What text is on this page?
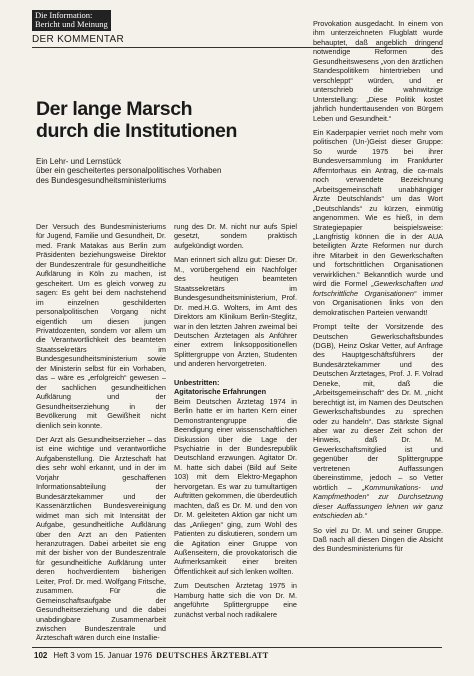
Die Information:
Bericht und Meinung
DER KOMMENTAR
Der lange Marsch
durch die Institutionen
Ein Lehr- und Lernstück
über ein gescheitertes personalpolitisches Vorhaben
des Bundesgesundheitsministeriums

Der Versuch des Bundesministeriums für Jugend, Familie und Gesundheit, Dr. med. Frank Matakas aus Berlin zum Präsidenten beziehungsweise Direktor der Bundeszentrale für gesundheitliche Aufklärung in Köln zu machen, ist gescheitert. Um es gleich vorweg zu sagen: Es geht bei dem nachstehend im einzelnen geschilderten personalpolitischen Vorgang nicht eigentlich um diesen jungen Privatdozenten, sondern vor allem um die Verantwortlichkeit des beamteten Staatssekretärs im Bundesgesundheitsministerium sowie der Ministerin selbst für ein Vorhaben, das – wäre es „erfolgreich“ gewesen – der sachlichen gesundheitlichen Aufklärung und der Gesundheitserziehung in der Bevölkerung mit Gewißheit nicht dienlich sein konnte.

Der Arzt als Gesundheitserzieher – das ist eine wichtige und verantwortliche Aufgabenstellung. Die Ärzteschaft hat dies sehr wohl erkannt, und in der im Vorjahr geschaffenen Informationsabteilung der Bundesärztekammer und der Kassenärztlichen Bundesvereinigung widmet man sich mit Intensität der Aufgabe, gesundheitliche Aufklärung über den Arzt an den Patienten heranzutragen. Dabei arbeitet sie eng mit der bisher von der Bundeszentrale für gesundheitliche Aufklärung unter deren hochverdientem bisherigen Leiter, Prof. Dr. med. Wolfgang Fritsche, zusammen. Für die Gemeinschaftsaufgabe der Gesundheitserziehung und die dabei unabdingbare Zusammenarbeit zwischen Bundeszentrale und Ärzteschaft wären durch eine Installie-

rung des Dr. M. nicht nur aufs Spiel gesetzt, sondern praktisch aufgekündigt worden.

Man erinnert sich allzu gut: Dieser Dr. M., vorübergehend ein Nachfolger des heutigen beamteten Staatssekretärs im Bundesgesundheitsministerium, Prof. Dr. med.H.G. Wolters, im Amt des Direktors am Klinikum Berlin-Steglitz, war in den letzten Jahren zweimal bei Deutschen Ärztetagen als Anführer einer extrem linksoppositionellen Splittergruppe von Ärzten, Studenten und anderen hervorgetreten.

Unbestritten:
Agitatorische Erfahrungen

Beim Deutschen Ärztetag 1974 in Berlin hatte er im harten Kern einer Demonstrantengruppe die Beendigung einer wissenschaftlichen Diskussion über die Lage der Psychiatrie in der Bundesrepublik Deutschland erzwungen. Agitator Dr. M. hatte sich dabei (Bild auf Seite 103) mit dem Elektro-Megaphon hervorgetan. Es war zu tumultartigen Auftritten gekommen, die überdeutlich machten, daß es Dr. M. und den von Dr. M. geleiteten Aktion gar nicht um das „Anliegen“ ging, zum Wohl des Patienten zu diskutieren, sondern um die Agitation einer Gruppe von Außenseitern, die provokatorisch die Aufmerksamkeit einer breiten Öffentlichkeit auf sich lenken wollten.

Zum Deutschen Ärztetag 1975 in Hamburg hatte sich die von Dr. M. angeführte Splittergruppe eine zunächst verbal noch radikalere

Provokation ausgedacht. In einem von ihm unterzeichneten Flugblatt wurde behauptet, daß angeblich dringend notwendige Reformen des Gesundheitswesens „von den ärztlichen Standespolitikern hintertrieben und verschleppt“ würden, und er unterschrieb die wahnwitzige Unterstellung: „Diese Politik kostet jährlich hunderttausenden von Bürgern Leben und Gesundheit.“

Ein Kaderpapier verriet noch mehr vom politischen (Un-)Geist dieser Gruppe: So wurde 1975 bei ihrer Bundesversammlung im Frankfurter Afferntorhaus ein Antrag, die ca-mals noch verwendete Bezeichnung „Arbeitsgemeinschaft unabhängiger Ärzte Deutschlands“ um das Wort „Deutschlands“ zu kürzen, einmütig angenommen. Wie es hieß, in dem Strategiepapier beispielsweise: „Langfristig können die in der AUA beteiligten Ärzte Reformen nur durch ihre Mitarbeit in den Gewerkschaften und fortschrittlichen Organisationen verwirklichen.“ Bekanntlich wurde und wird die Formel „Gewerkschaften und fortschrittliche Organisationen“ immer von Organisationen links von den demokratischen Parteien verwandt!

Prompt teilte der Vorsitzende des Deutschen Gewerkschaftsbundes (DGB), Heinz Oskar Vetter, auf Anfrage des Hauptgeschäftsführers der Bundesärztekammer und des Deutschen Ärztetages, Prof. J. F. Volrad Deneke, mit, daß die „Arbeitsgemeinschaft“ des Dr. M. „nicht berechtigt ist, im Namen des Deutschen Gewerkschaftsbundes zu sprechen oder zu handeln“. Das stärkste Signal aber war zu dieser Zeit schon der Hinweis, daß Dr. M. Gewerkschaftsmitglied ist und gegenüber der Splittergruppe vertretenen Auffassungen übereinstimme, jedoch – so Vetter wörtlich – „Kommunikations- und Kampfmethoden“ zur Durchsetzung dieser Auffassungen lehnen wir ganz entschieden ab.“

So viel zu Dr. M. und seiner Gruppe. Daß nach all diesen Dingen die Absicht des Bundesministeriums für

102 Heft 3 vom 15. Januar 1976 DEUTSCHES ÄRZTEBLATT
